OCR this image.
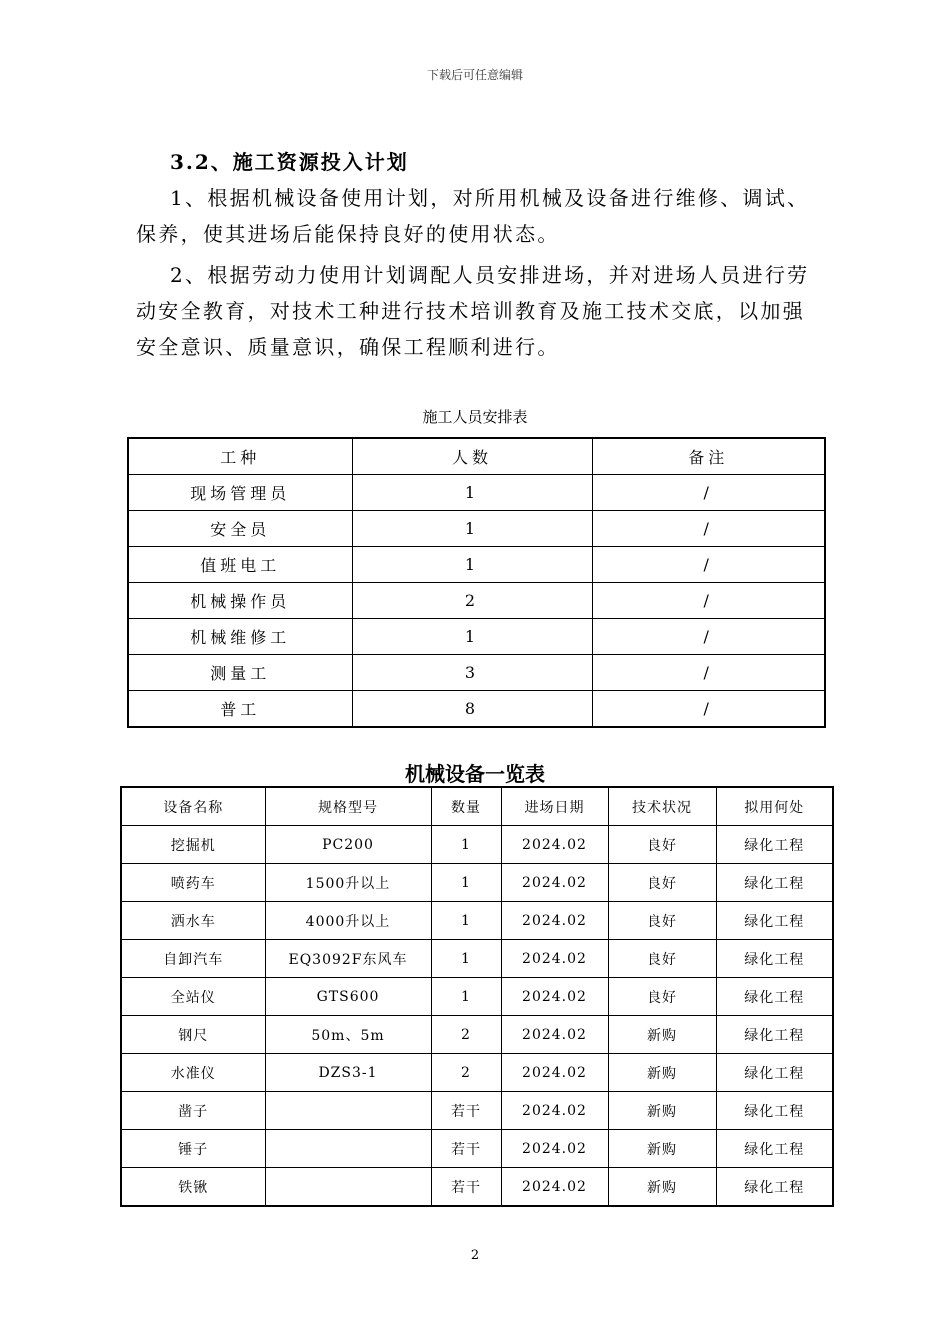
下载后可任意编辑
3.2、施工资源投入计划

1、根据机械设备使用计划，对所用机械及设备进行维修、调试、保养，使其进场后能保持良好的使用状态。

2、根据劳动力使用计划调配人员安排进场，并对进场人员进行劳动安全教育，对技术工种进行技术培训教育及施工技术交底，以加强安全意识、质量意识，确保工程顺利进行。

施工人员安排表
工种	人数	备注
现场管理员	1	/
安全员	1	/
值班电工	1	/
机械操作员	2	/
机械维修工	1	/
测量工	3	/
普工	8	/
机械设备一览表
设备名称	规格型号	数量	进场日期	技术状况	拟用何处
挖掘机	PC200	1	2024.02	良好	绿化工程
喷药车	1500升以上	1	2024.02	良好	绿化工程
洒水车	4000升以上	1	2024.02	良好	绿化工程
自卸汽车	EQ3092F东风车	1	2024.02	良好	绿化工程
全站仪	GTS600	1	2024.02	良好	绿化工程
钢尺	50m、5m	2	2024.02	新购	绿化工程
水准仪	DZS3-1	2	2024.02	新购	绿化工程
凿子		若干	2024.02	新购	绿化工程
锤子		若干	2024.02	新购	绿化工程
铁锹		若干	2024.02	新购	绿化工程
2
